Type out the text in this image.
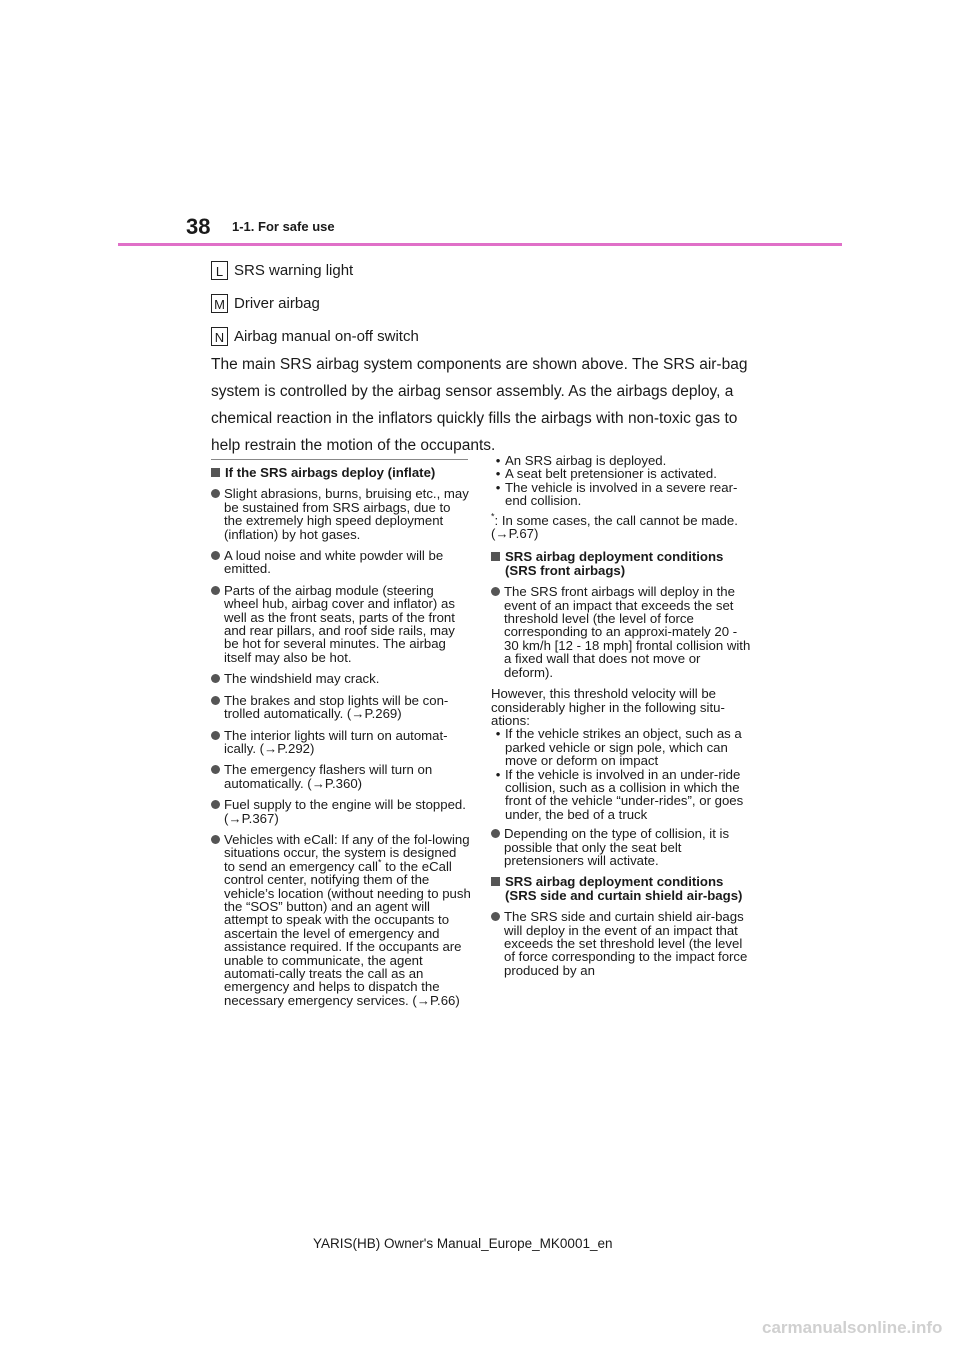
38 1-1. For safe use
L SRS warning light
M Driver airbag
N Airbag manual on-off switch

The main SRS airbag system components are shown above. The SRS air-bag system is controlled by the airbag sensor assembly. As the airbags deploy, a chemical reaction in the inflators quickly fills the airbags with non-toxic gas to help restrain the motion of the occupants.

If the SRS airbags deploy (inflate)
Slight abrasions, burns, bruising etc., may be sustained from SRS airbags, due to the extremely high speed deployment (inflation) by hot gases.
A loud noise and white powder will be emitted.
Parts of the airbag module (steering wheel hub, airbag cover and inflator) as well as the front seats, parts of the front and rear pillars, and roof side rails, may be hot for several minutes. The airbag itself may also be hot.
The windshield may crack.
The brakes and stop lights will be con-trolled automatically. (→P.269)
The interior lights will turn on automat-ically. (→P.292)
The emergency flashers will turn on automatically. (→P.360)
Fuel supply to the engine will be stopped. (→P.367)
Vehicles with eCall: If any of the fol-lowing situations occur, the system is designed to send an emergency call* to the eCall control center, notifying them of the vehicle’s location (without needing to push the “SOS” button) and an agent will attempt to speak with the occupants to ascertain the level of emergency and assistance required. If the occupants are unable to communicate, the agent automati-cally treats the call as an emergency and helps to dispatch the necessary emergency services. (→P.66)
• An SRS airbag is deployed.
• A seat belt pretensioner is activated.
• The vehicle is involved in a severe rear-end collision.
*: In some cases, the call cannot be made. (→P.67)
SRS airbag deployment conditions (SRS front airbags)
The SRS front airbags will deploy in the event of an impact that exceeds the set threshold level (the level of force corresponding to an approxi-mately 20 - 30 km/h [12 - 18 mph] frontal collision with a fixed wall that does not move or deform).
However, this threshold velocity will be considerably higher in the following situ-ations:
• If the vehicle strikes an object, such as a parked vehicle or sign pole, which can move or deform on impact
• If the vehicle is involved in an under-ride collision, such as a collision in which the front of the vehicle “under-rides”, or goes under, the bed of a truck
Depending on the type of collision, it is possible that only the seat belt pretensioners will activate.
SRS airbag deployment conditions (SRS side and curtain shield air-bags)
The SRS side and curtain shield air-bags will deploy in the event of an impact that exceeds the set threshold level (the level of force corresponding to the impact force produced by an
YARIS(HB) Owner's Manual_Europe_MK0001_en
carmanualsonline.info
